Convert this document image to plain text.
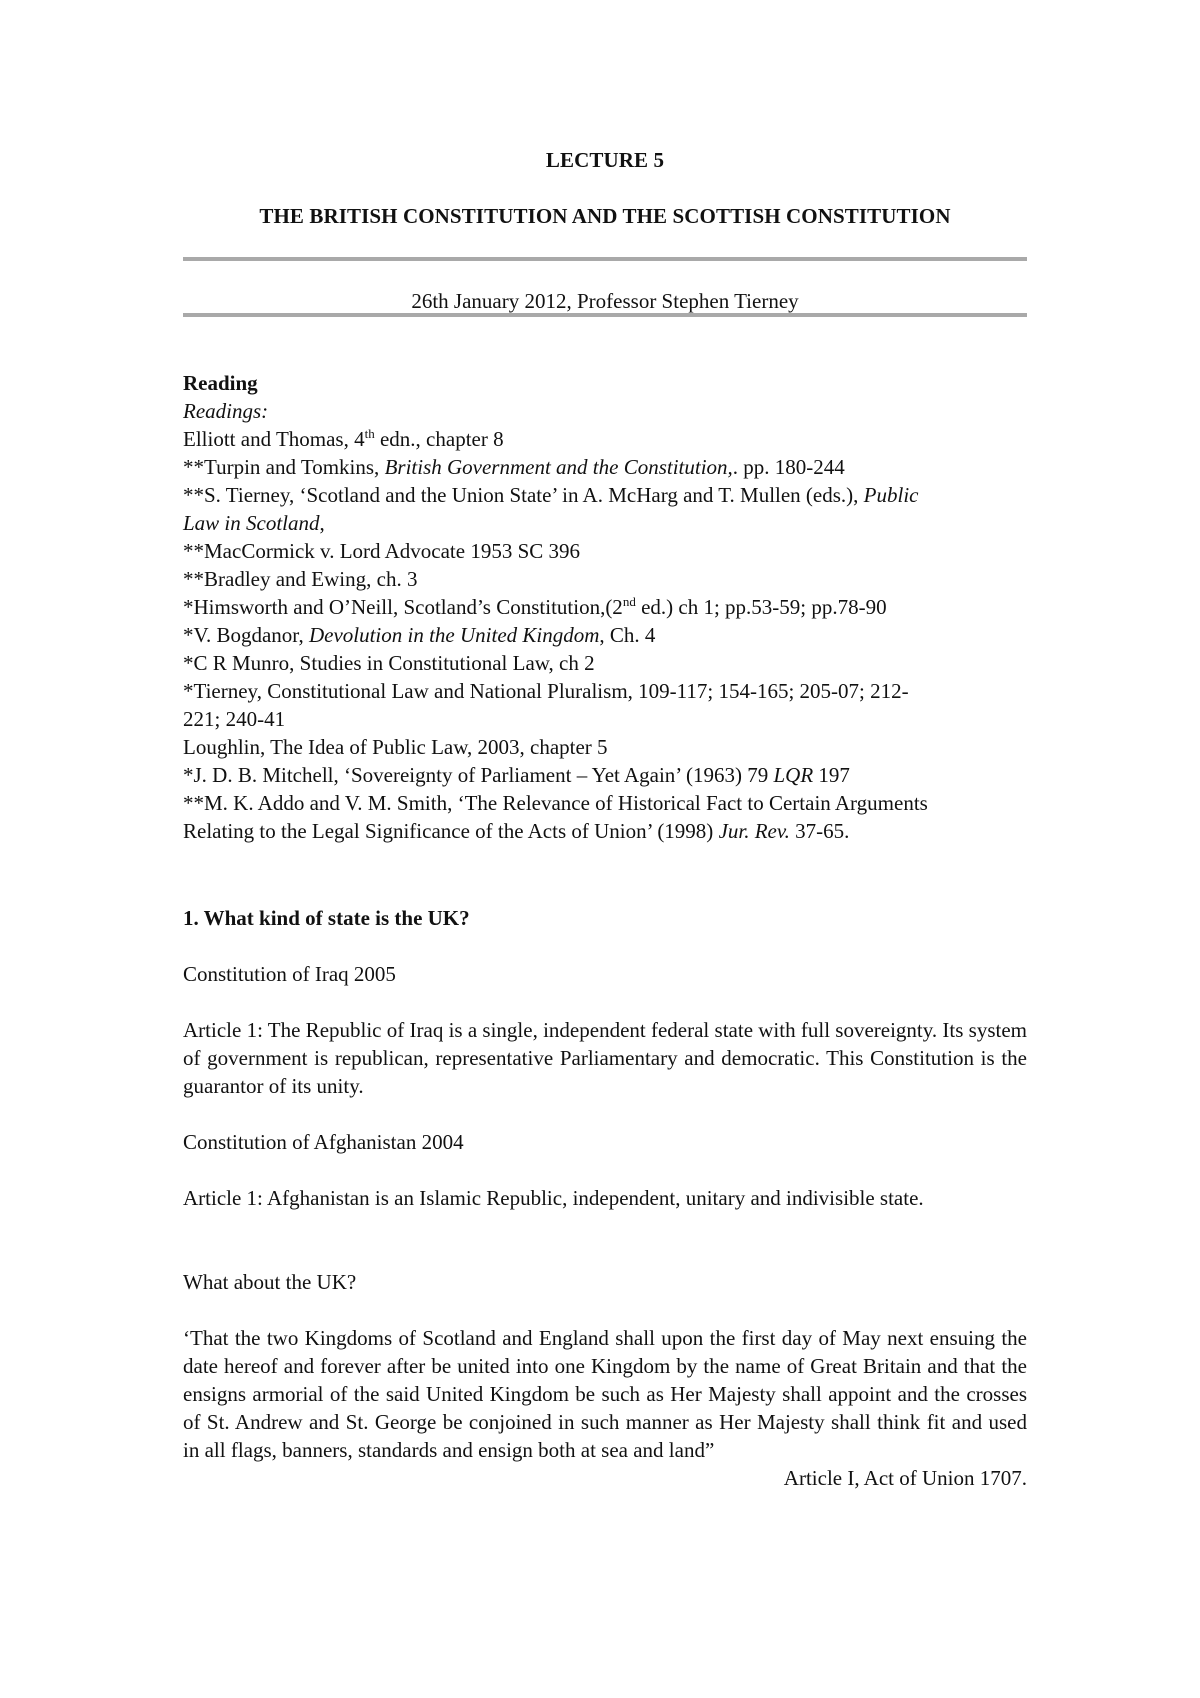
LECTURE 5
THE BRITISH CONSTITUTION AND THE SCOTTISH CONSTITUTION
26th January 2012, Professor Stephen Tierney
Reading
Readings:
Elliott and Thomas, 4th edn., chapter 8
**Turpin and Tomkins, British Government and the Constitution,. pp. 180-244
**S. Tierney, ‘Scotland and the Union State’ in A. McHarg and T. Mullen (eds.), Public
Law in Scotland,
**MacCormick v. Lord Advocate 1953 SC 396
**Bradley and Ewing, ch. 3
*Himsworth and O’Neill, Scotland’s Constitution,(2nd ed.) ch 1; pp.53-59; pp.78-90
*V. Bogdanor, Devolution in the United Kingdom, Ch. 4
*C R Munro, Studies in Constitutional Law, ch 2
*Tierney, Constitutional Law and National Pluralism, 109-117; 154-165; 205-07; 212-
221; 240-41
Loughlin, The Idea of Public Law, 2003, chapter 5
*J. D. B. Mitchell, ‘Sovereignty of Parliament – Yet Again’ (1963) 79 LQR 197
**M. K. Addo and V. M. Smith, ‘The Relevance of Historical Fact to Certain Arguments
Relating to the Legal Significance of the Acts of Union’ (1998) Jur. Rev. 37-65.
1. What kind of state is the UK?
Constitution of Iraq 2005

Article 1: The Republic of Iraq is a single, independent federal state with full sovereignty. Its system of government is republican, representative Parliamentary and democratic. This Constitution is the guarantor of its unity.

Constitution of Afghanistan 2004

Article 1: Afghanistan is an Islamic Republic, independent, unitary and indivisible state.

What about the UK?

‘That the two Kingdoms of Scotland and England shall upon the first day of May next ensuing the date hereof and forever after be united into one Kingdom by the name of Great Britain and that the ensigns armorial of the said United Kingdom be such as Her Majesty shall appoint and the crosses of St. Andrew and St. George be conjoined in such manner as Her Majesty shall think fit and used in all flags, banners, standards and ensign both at sea and land”

Article I, Act of Union 1707.
